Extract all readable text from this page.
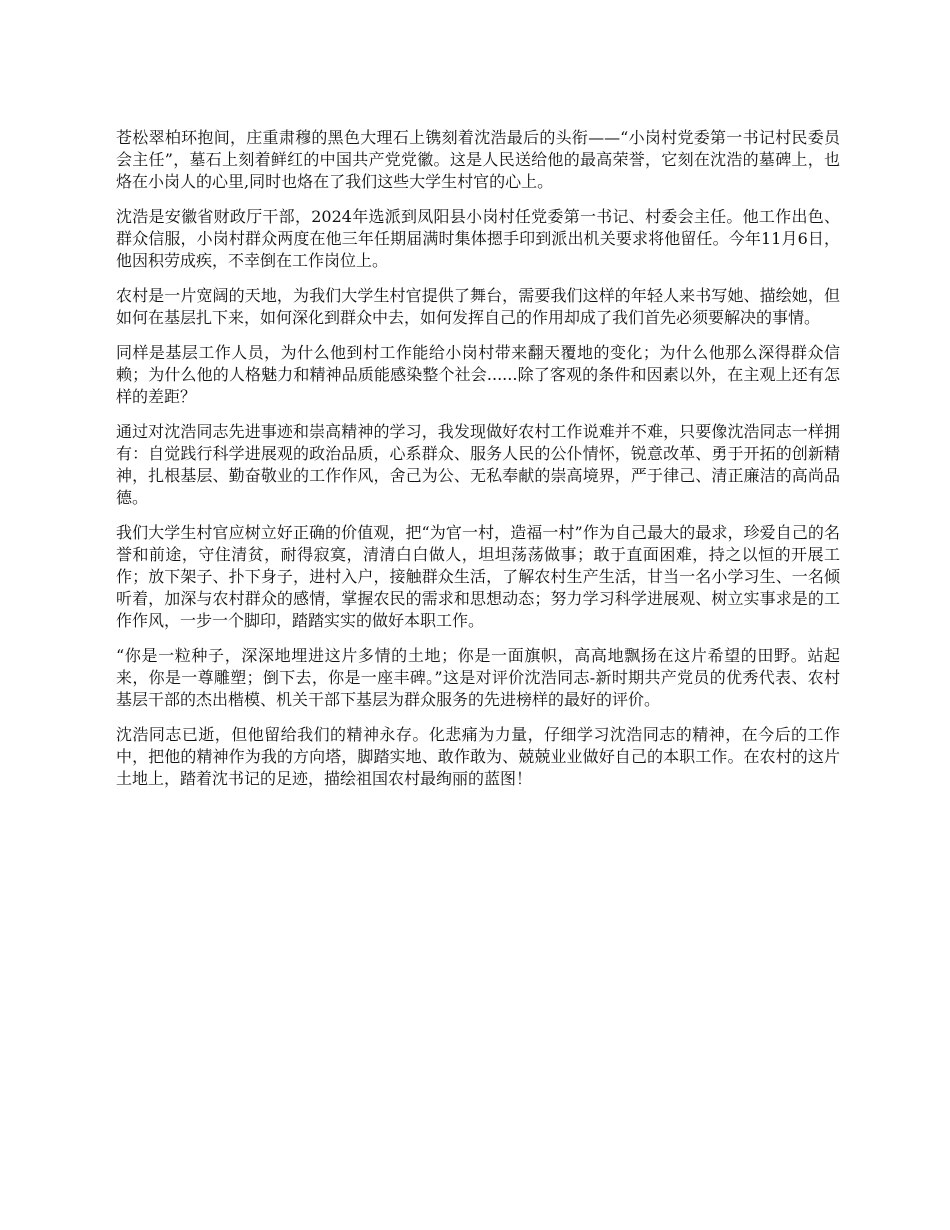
苍松翠柏环抱间，庄重肃穆的黑色大理石上镌刻着沈浩最后的头衔——“小岗村党委第一书记村民委员会主任”，墓石上刻着鲜红的中国共产党党徽。这是人民送给他的最高荣誉，它刻在沈浩的墓碑上，也烙在小岗人的心里,同时也烙在了我们这些大学生村官的心上。

沈浩是安徽省财政厅干部，2024年选派到凤阳县小岗村任党委第一书记、村委会主任。他工作出色、群众信服，小岗村群众两度在他三年任期届满时集体摁手印到派出机关要求将他留任。今年11月6日，他因积劳成疾，不幸倒在工作岗位上。

农村是一片宽阔的天地，为我们大学生村官提供了舞台，需要我们这样的年轻人来书写她、描绘她，但如何在基层扎下来，如何深化到群众中去，如何发挥自己的作用却成了我们首先必须要解决的事情。

同样是基层工作人员，为什么他到村工作能给小岗村带来翻天覆地的变化；为什么他那么深得群众信赖；为什么他的人格魅力和精神品质能感染整个社会......除了客观的条件和因素以外，在主观上还有怎样的差距？

通过对沈浩同志先进事迹和崇高精神的学习，我发现做好农村工作说难并不难，只要像沈浩同志一样拥有：自觉践行科学进展观的政治品质，心系群众、服务人民的公仆情怀，锐意改革、勇于开拓的创新精神，扎根基层、勤奋敬业的工作作风，舍己为公、无私奉献的崇高境界，严于律己、清正廉洁的高尚品德。

我们大学生村官应树立好正确的价值观，把“为官一村，造福一村”作为自己最大的最求，珍爱自己的名誉和前途，守住清贫，耐得寂寞，清清白白做人，坦坦荡荡做事；敢于直面困难，持之以恒的开展工作；放下架子、扑下身子，进村入户，接触群众生活，了解农村生产生活，甘当一名小学习生、一名倾听着，加深与农村群众的感情，掌握农民的需求和思想动态；努力学习科学进展观、树立实事求是的工作作风，一步一个脚印，踏踏实实的做好本职工作。

“你是一粒种子，深深地埋进这片多情的土地；你是一面旗帜，高高地飘扬在这片希望的田野。站起来，你是一尊雕塑；倒下去，你是一座丰碑。”这是对评价沈浩同志-新时期共产党员的优秀代表、农村基层干部的杰出楷模、机关干部下基层为群众服务的先进榜样的最好的评价。

沈浩同志已逝，但他留给我们的精神永存。化悲痛为力量，仔细学习沈浩同志的精神，在今后的工作中，把他的精神作为我的方向塔，脚踏实地、敢作敢为、兢兢业业做好自己的本职工作。在农村的这片土地上，踏着沈书记的足迹，描绘祖国农村最绚丽的蓝图！
